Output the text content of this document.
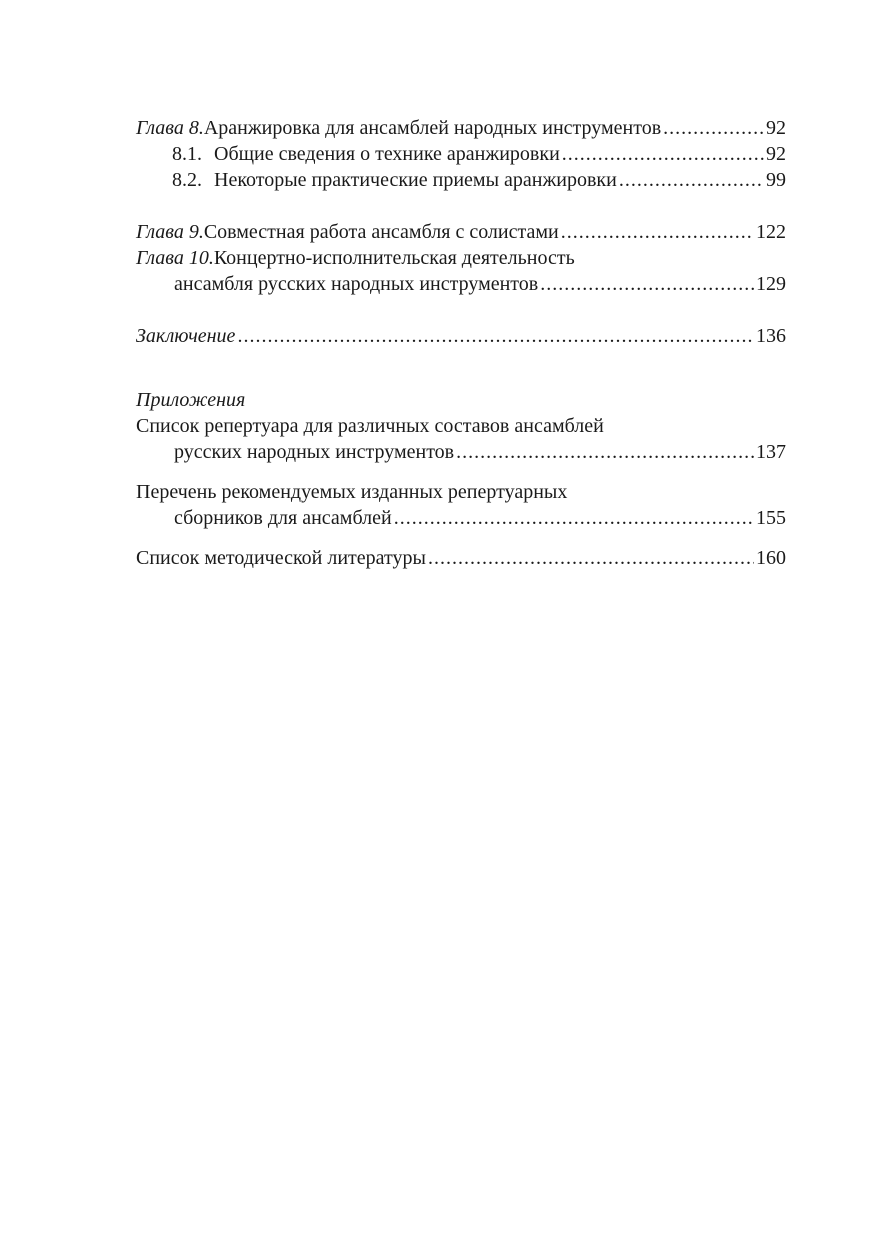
Глава 8. Аранжировка для ансамблей народных инструментов .....	92
8.1. Общие сведения о технике аранжировки .....	92
8.2. Некоторые практические приемы аранжировки .....	99
Глава 9. Совместная работа ансамбля с солистами .....	122
Глава 10. Концертно-исполнительская деятельность
ансамбля русских народных инструментов .....	129
Заключение .....	136
Приложения
Список репертуара для различных составов ансамблей
русских народных инструментов .....	137
Перечень рекомендуемых изданных репертуарных
сборников для ансамблей .....	155
Список методической литературы .....	160
